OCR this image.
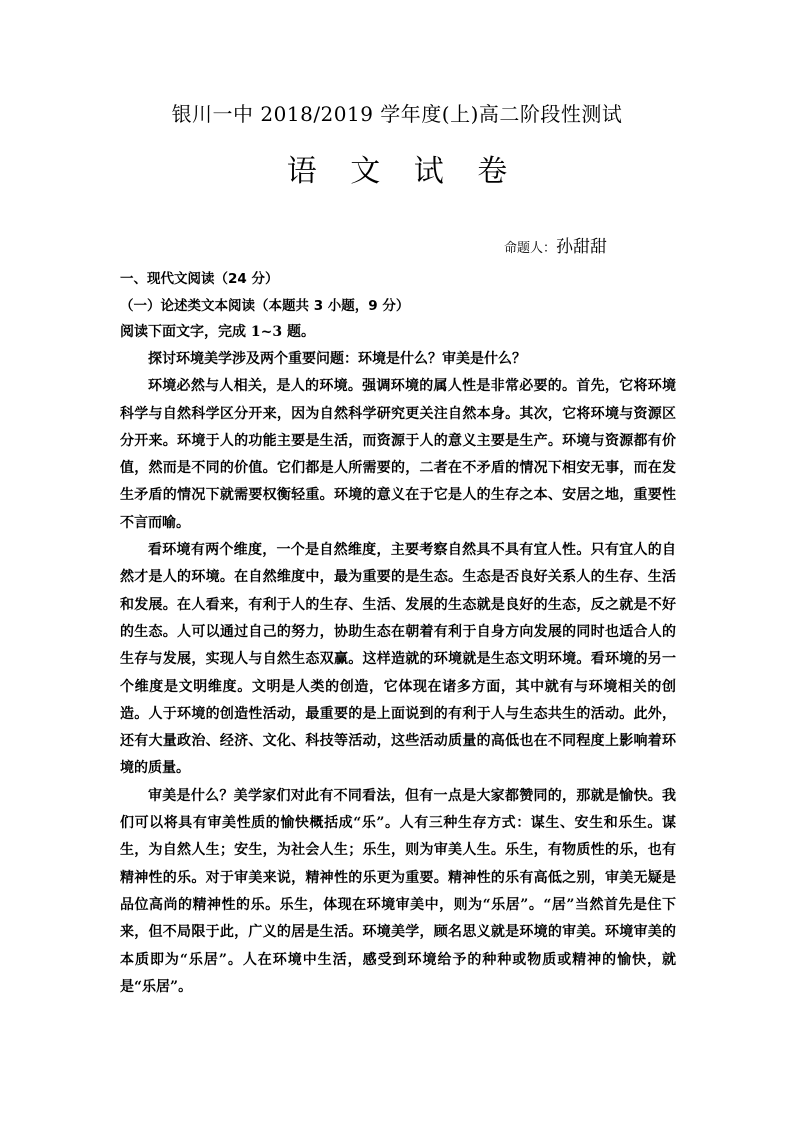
银川一中 2018/2019 学年度(上)高二阶段性测试
语 文 试 卷
命题人：孙甜甜
一、现代文阅读（24 分）
（一）论述类文本阅读（本题共 3 小题，9 分）
阅读下面文字，完成 1~3 题。

探讨环境美学涉及两个重要问题：环境是什么？审美是什么？

环境必然与人相关，是人的环境。强调环境的属人性是非常必要的。首先，它将环境科学与自然科学区分开来，因为自然科学研究更关注自然本身。其次，它将环境与资源区分开来。环境于人的功能主要是生活，而资源于人的意义主要是生产。环境与资源都有价值，然而是不同的价值。它们都是人所需要的，二者在不矛盾的情况下相安无事，而在发生矛盾的情况下就需要权衡轻重。环境的意义在于它是人的生存之本、安居之地，重要性不言而喻。

看环境有两个维度，一个是自然维度，主要考察自然具不具有宜人性。只有宜人的自然才是人的环境。在自然维度中，最为重要的是生态。生态是否良好关系人的生存、生活和发展。在人看来，有利于人的生存、生活、发展的生态就是良好的生态，反之就是不好的生态。人可以通过自己的努力，协助生态在朝着有利于自身方向发展的同时也适合人的生存与发展，实现人与自然生态双赢。这样造就的环境就是生态文明环境。看环境的另一个维度是文明维度。文明是人类的创造，它体现在诸多方面，其中就有与环境相关的创造。人于环境的创造性活动，最重要的是上面说到的有利于人与生态共生的活动。此外，还有大量政治、经济、文化、科技等活动，这些活动质量的高低也在不同程度上影响着环境的质量。

审美是什么？美学家们对此有不同看法，但有一点是大家都赞同的，那就是愉快。我们可以将具有审美性质的愉快概括成“乐”。人有三种生存方式：谋生、安生和乐生。谋生，为自然人生；安生，为社会人生；乐生，则为审美人生。乐生，有物质性的乐，也有精神性的乐。对于审美来说，精神性的乐更为重要。精神性的乐有高低之别，审美无疑是品位高尚的精神性的乐。乐生，体现在环境审美中，则为“乐居”。“居”当然首先是住下来，但不局限于此，广义的居是生活。环境美学，顾名思义就是环境的审美。环境审美的本质即为“乐居”。人在环境中生活，感受到环境给予的种种或物质或精神的愉快，就是“乐居”。
